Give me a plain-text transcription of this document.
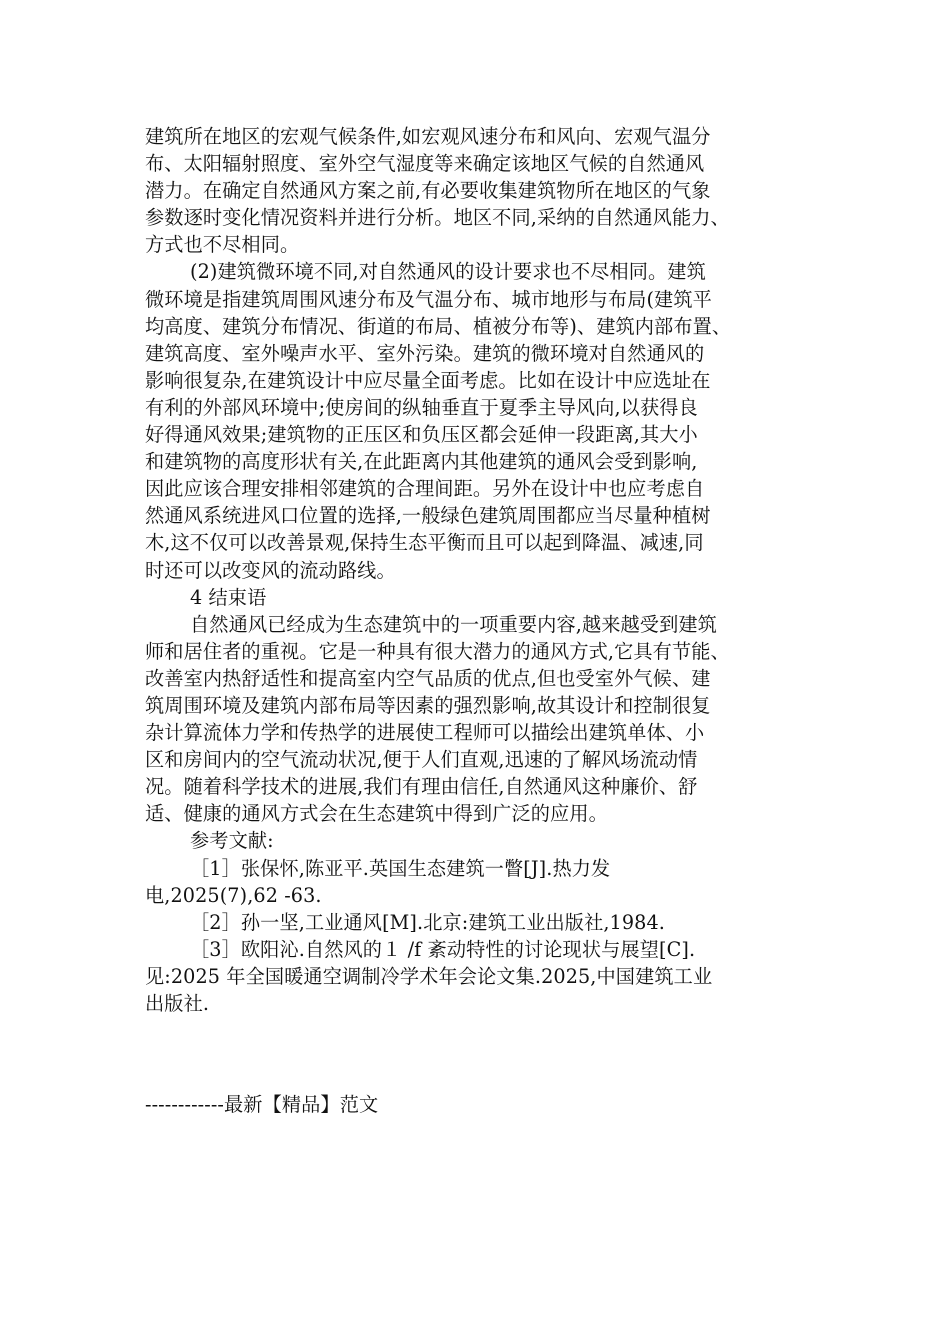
建筑所在地区的宏观气候条件,如宏观风速分布和风向、宏观气温分
布、太阳辐射照度、室外空气湿度等来确定该地区气候的自然通风
潜力。在确定自然通风方案之前,有必要收集建筑物所在地区的气象
参数逐时变化情况资料并进行分析。地区不同,采纳的自然通风能力、
方式也不尽相同。
(2)建筑微环境不同,对自然通风的设计要求也不尽相同。建筑
微环境是指建筑周围风速分布及气温分布、城市地形与布局(建筑平
均高度、建筑分布情况、街道的布局、植被分布等)、建筑内部布置、
建筑高度、室外噪声水平、室外污染。建筑的微环境对自然通风的
影响很复杂,在建筑设计中应尽量全面考虑。比如在设计中应选址在
有利的外部风环境中;使房间的纵轴垂直于夏季主导风向,以获得良
好得通风效果;建筑物的正压区和负压区都会延伸一段距离,其大小
和建筑物的高度形状有关,在此距离内其他建筑的通风会受到影响,
因此应该合理安排相邻建筑的合理间距。另外在设计中也应考虑自
然通风系统进风口位置的选择,一般绿色建筑周围都应当尽量种植树
木,这不仅可以改善景观,保持生态平衡而且可以起到降温、减速,同
时还可以改变风的流动路线。
4 结束语
自然通风已经成为生态建筑中的一项重要内容,越来越受到建筑
师和居住者的重视。它是一种具有很大潜力的通风方式,它具有节能、
改善室内热舒适性和提高室内空气品质的优点,但也受室外气候、建
筑周围环境及建筑内部布局等因素的强烈影响,故其设计和控制很复
杂计算流体力学和传热学的进展使工程师可以描绘出建筑单体、小
区和房间内的空气流动状况,便于人们直观,迅速的了解风场流动情
况。随着科学技术的进展,我们有理由信任,自然通风这种廉价、舒
适、健康的通风方式会在生态建筑中得到广泛的应用。
参考文献:
［1］张保怀,陈亚平.英国生态建筑一瞥[J].热力发
电,2025(7),62 -63.
［2］孙一坚,工业通风[M].北京:建筑工业出版社,1984.
［3］欧阳沁.自然风的１ /f 紊动特性的讨论现状与展望[C].
见:2025 年全国暖通空调制冷学术年会论文集.2025,中国建筑工业
出版社.
------------最新【精品】范文
